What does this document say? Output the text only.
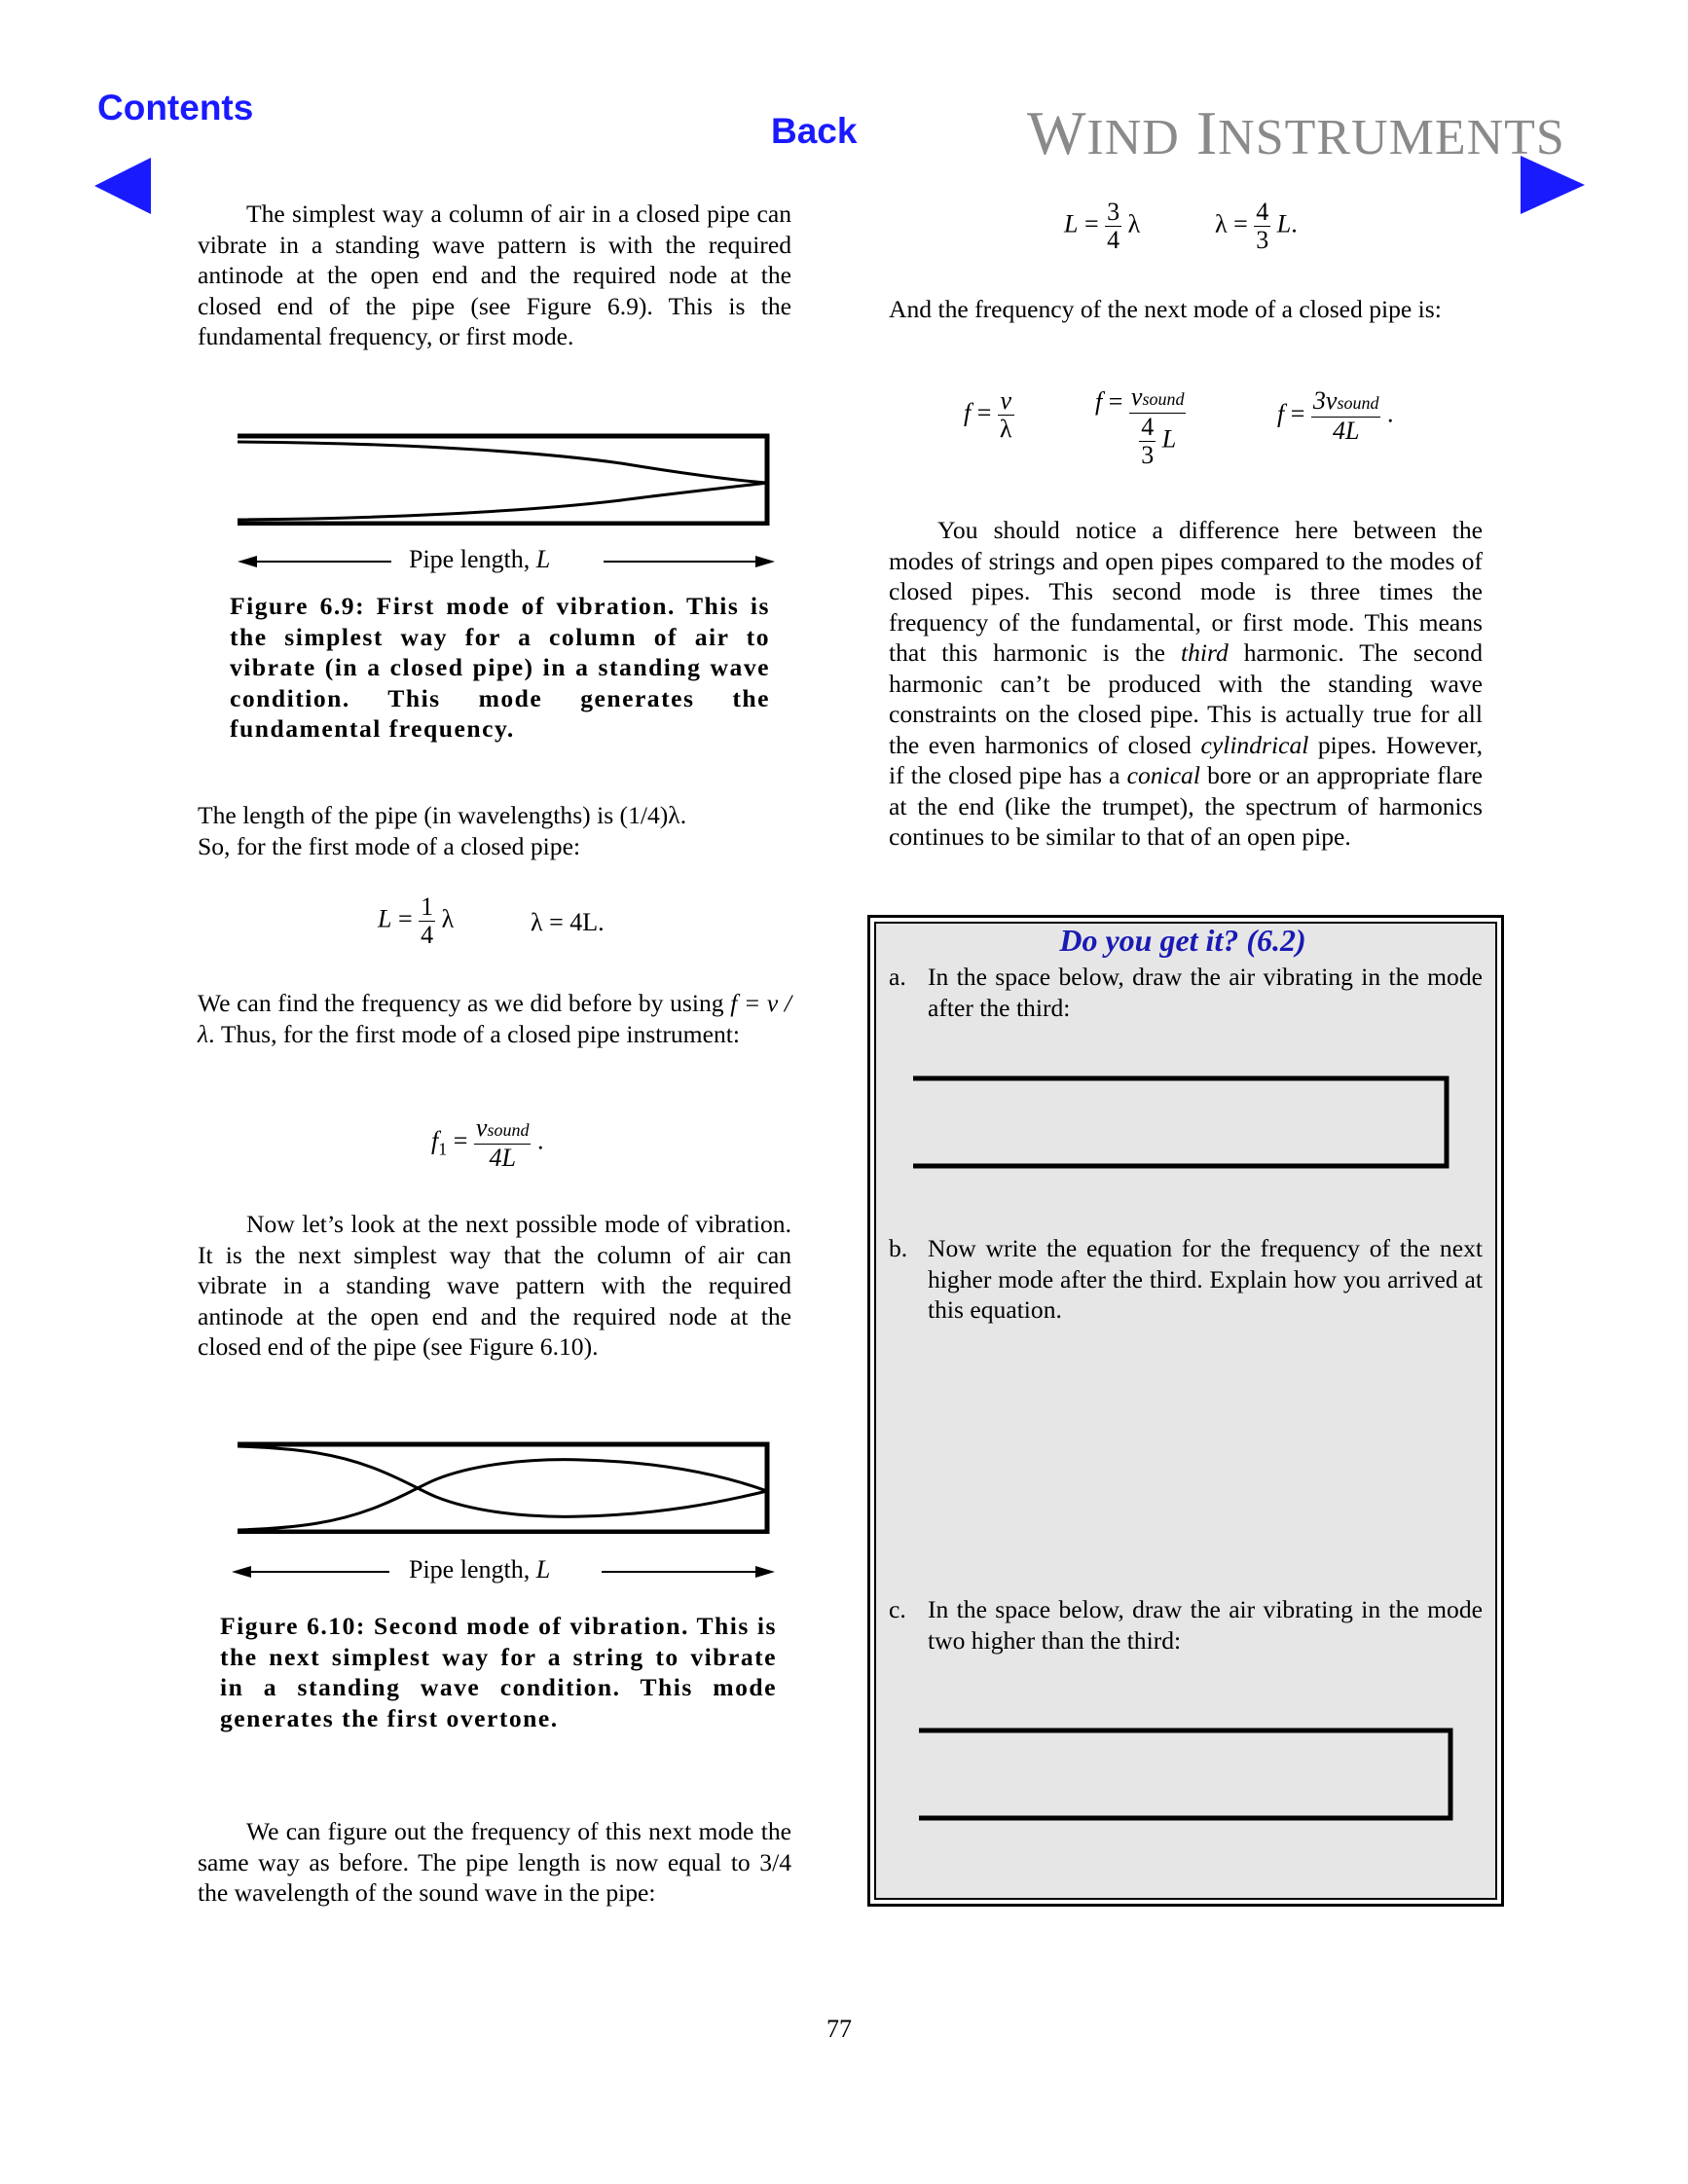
Contents
Back	WIND INSTRUMENTS

The simplest way a column of air in a closed pipe can vibrate in a standing wave pattern is with the required antinode at the open end and the required node at the closed end of the pipe (see Figure 6.9). This is the fundamental frequency, or first mode.

Pipe length, L

Figure 6.9: First mode of vibration. This is the simplest way for a column of air to vibrate (in a closed pipe) in a standing wave condition. This mode generates the fundamental frequency.

The length of the pipe (in wavelengths) is (1/4)λ.
So, for the first mode of a closed pipe:

$L = \frac{1}{4}$ λ	λ = 4L.

We can find the frequency as we did before by using f = v / λ. Thus, for the first mode of a closed pipe instrument:

$f_1 = \frac{\text{vsound}}{4L}$ .

Now let’s look at the next possible mode of vibration. It is the next simplest way that the column of air can vibrate in a standing wave pattern with the required antinode at the open end and the required node at the closed end of the pipe (see Figure 6.10).

Pipe length, L

Figure 6.10: Second mode of vibration. This is the next simplest way for a string to vibrate in a standing wave condition. This mode generates the first overtone.

We can figure out the frequency of this next mode the same way as before. The pipe length is now equal to 3/4 the wavelength of the sound wave in the pipe:

$L = \frac{3}{4}$ λ	$\lambda = \frac{4}{3} L$.

And the frequency of the next mode of a closed pipe is:

$f = \frac{v}{\lambda}$	$f = \frac{\text{vsound}}{\frac{4}{3} L}$	$f = \frac{\text{3vsound}}{4L}$ .

You should notice a difference here between the modes of strings and open pipes compared to the modes of closed pipes. This second mode is three times the frequency of the fundamental, or first mode. This means that this harmonic is the third harmonic. The second harmonic can’t be produced with the standing wave constraints on the closed pipe. This is actually true for all the even harmonics of closed cylindrical pipes. However, if the closed pipe has a conical bore or an appropriate flare at the end (like the trumpet), the spectrum of harmonics continues to be similar to that of an open pipe.

Do you get it? (6.2)
a. In the space below, draw the air vibrating in the mode after the third:
b. Now write the equation for the frequency of the next higher mode after the third. Explain how you arrived at this equation.
c. In the space below, draw the air vibrating in the mode two higher than the third:
77
